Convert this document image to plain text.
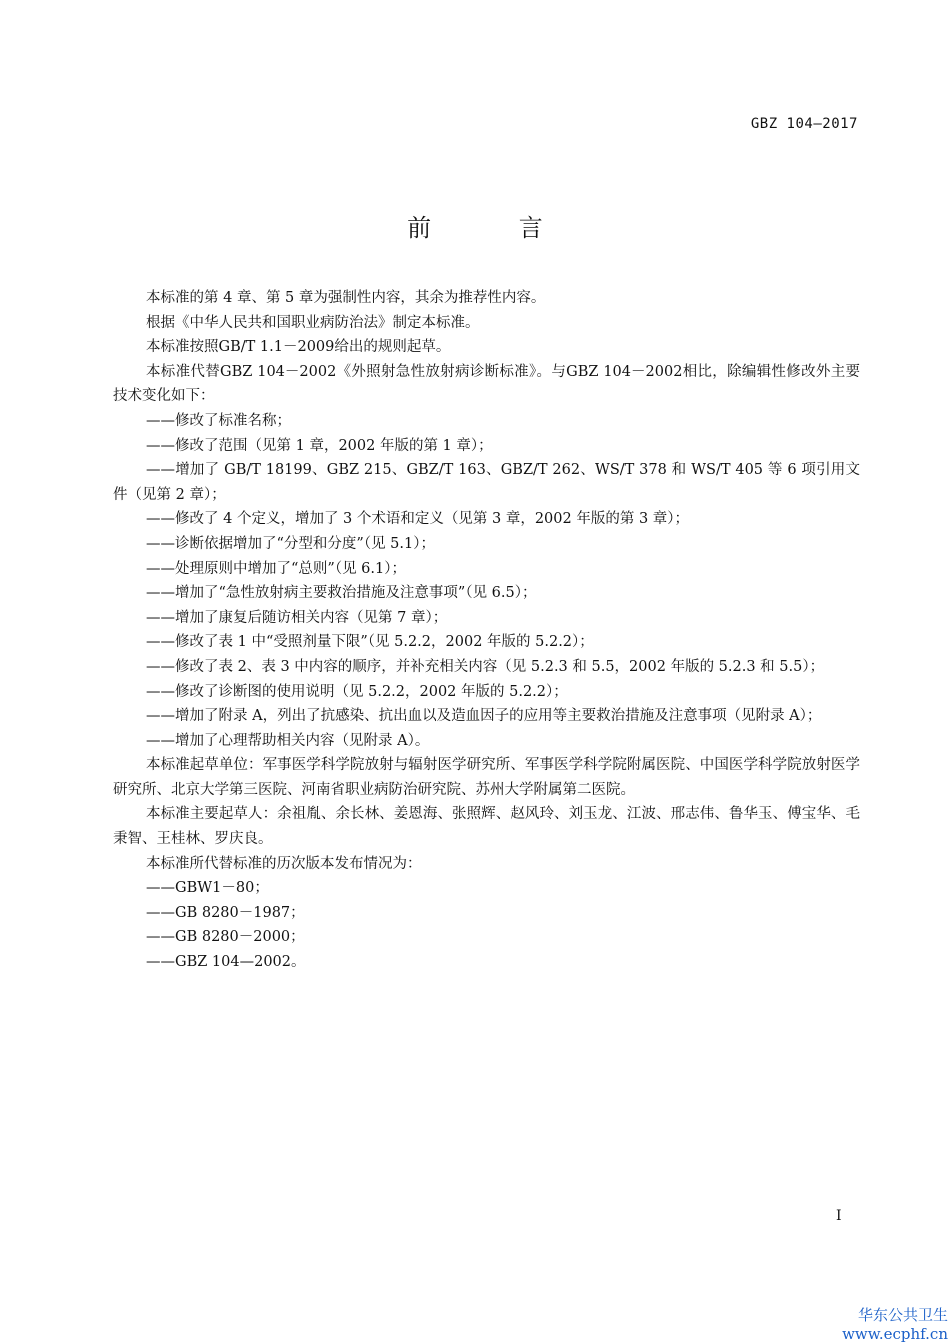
GBZ 104—2017
前 言

本标准的第 4 章、第 5 章为强制性内容，其余为推荐性内容。

根据《中华人民共和国职业病防治法》制定本标准。

本标准按照GB/T 1.1－2009给出的规则起草。

本标准代替GBZ 104－2002《外照射急性放射病诊断标准》。与GBZ 104－2002相比，除编辑性修改外主要技术变化如下：

——修改了标准名称；

——修改了范围（见第 1 章，2002 年版的第 1 章）；

——增加了 GB/T 18199、GBZ 215、GBZ/T 163、GBZ/T 262、WS/T 378 和 WS/T 405 等 6 项引用文件（见第 2 章）；

——修改了 4 个定义，增加了 3 个术语和定义（见第 3 章，2002 年版的第 3 章）；

——诊断依据增加了“分型和分度”（见 5.1）；

——处理原则中增加了“总则”（见 6.1）；

——增加了“急性放射病主要救治措施及注意事项”（见 6.5）；

——增加了康复后随访相关内容（见第 7 章）；

——修改了表 1 中“受照剂量下限”（见 5.2.2，2002 年版的 5.2.2）；

——修改了表 2、表 3 中内容的顺序，并补充相关内容（见 5.2.3 和 5.5，2002 年版的 5.2.3 和 5.5）；

——修改了诊断图的使用说明（见 5.2.2，2002 年版的 5.2.2）；

——增加了附录 A，列出了抗感染、抗出血以及造血因子的应用等主要救治措施及注意事项（见附录 A）；

——增加了心理帮助相关内容（见附录 A）。

本标准起草单位：军事医学科学院放射与辐射医学研究所、军事医学科学院附属医院、中国医学科学院放射医学研究所、北京大学第三医院、河南省职业病防治研究院、苏州大学附属第二医院。

本标准主要起草人：余祖胤、余长林、姜恩海、张照辉、赵风玲、刘玉龙、江波、邢志伟、鲁华玉、傅宝华、毛秉智、王桂林、罗庆良。

本标准所代替标准的历次版本发布情况为：

——GBW1－80；

——GB 8280－1987；

——GB 8280－2000；

——GBZ 104—2002。

I
华东公共卫生
www.ecphf.cn
